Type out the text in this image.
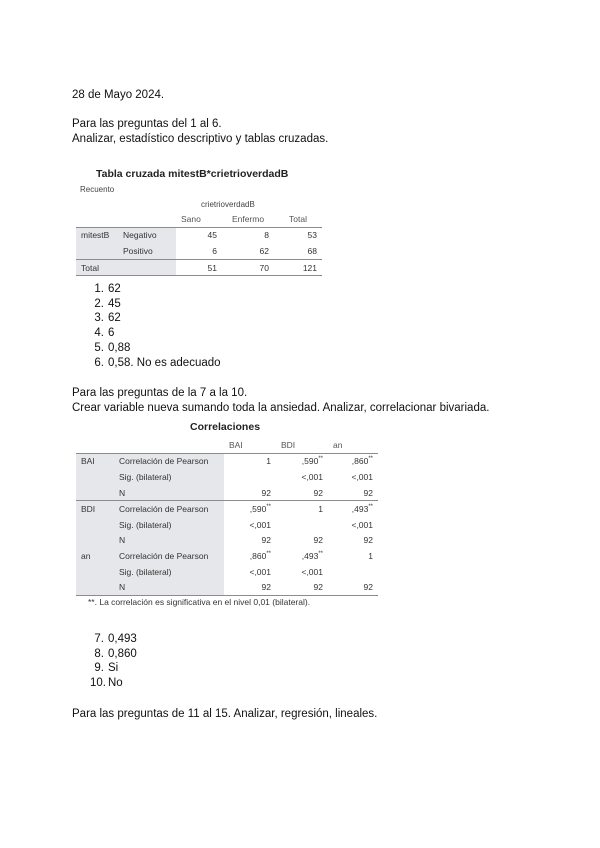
28 de Mayo 2024.
Para las preguntas del 1 al 6.
Analizar, estadístico descriptivo y tablas cruzadas.
Tabla cruzada mitestB*crietrioverdadB
Recuento
crietrioverdadB
		Sano	Enfermo	Total
mitestB	Negativo	45	8	53
	Positivo	6	62	68
Total		51	70	121
1 . 62
2 . 45
3 . 62
4 . 6
5 . 0,88
6 . 0,58. No es adecuado
Para las preguntas de la 7 a la 10.
Crear variable nueva sumando toda la ansiedad. Analizar, correlacionar bivariada.
Correlaciones
		BAI	BDI	an
BAI	Correlación de Pearson	1	,590**	,860**
	Sig. (bilateral)		<,001	<,001
	N	92	92	92
BDI	Correlación de Pearson	,590**	1	,493**
	Sig. (bilateral)	<,001		<,001
	N	92	92	92
an	Correlación de Pearson	,860**	,493**	1
	Sig. (bilateral)	<,001	<,001	
	N	92	92	92
**. La correlación es significativa en el nivel 0,01 (bilateral).
7 . 0,493
8 . 0,860
9 . Si
10 . No
Para las preguntas de 11 al 15. Analizar, regresión, lineales.
